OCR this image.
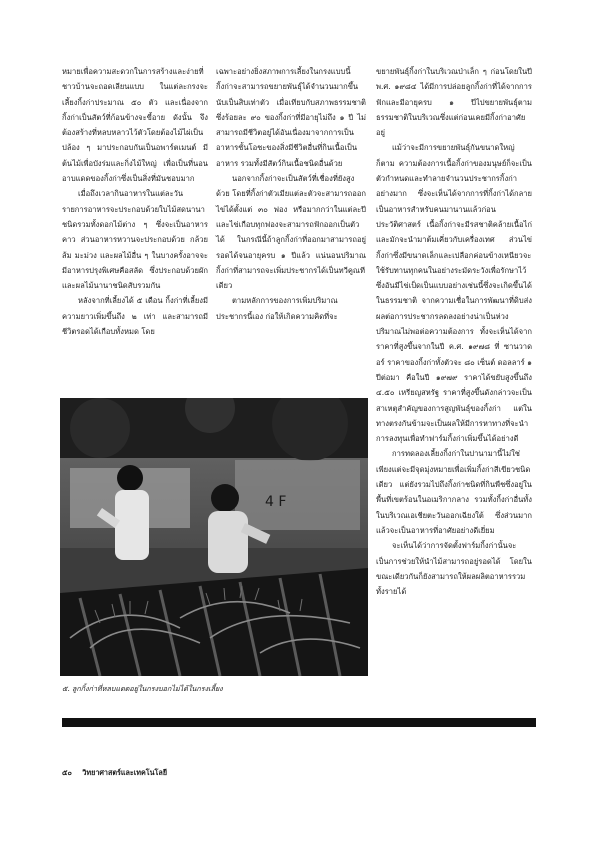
หมายเพื่อความสะดวกในการสร้างและง่ายที่ชาวบ้านจะถอดเลียนแบบ ในแต่ละกรงจะเลี้ยงกิ้งก่าประมาณ ๕๐ ตัว และเนื่องจากกิ้งก่าเป็นสัตว์ที่ก้อนข้างจะขี้อาย ดังนั้น จึงต้องสร้างที่หลบหลาวไว้ตัวโดยต้องไม้ไผ่เป็นปล้อง ๆ มาประกอบกันเป็นอพาร์ตเมนต์ มีต้นไม้เพื่อบังร่มและกิ่งไม้ใหญ่ เพื่อเป็นที่นอนอาบแดดของกิ้งก่าซึ่งเป็นสิ่งที่มันชอบมาก

เมื่อถึงเวลากินอาหารในแต่ละวันรายการอาหารจะประกอบด้วยใบไม้สดนานาชนิดรวมทั้งดอกไม้ต่าง ๆ ซึ่งจะเป็นอาหารคาว ส่วนอาหารหวานจะประกอบด้วย กล้วย ส้ม มะม่วง และผลไม้อื่น ๆ ในบางครั้งอาจจะมีอาหารปรุงพิเศษคือสลัด ซึ่งประกอบด้วยผักและผลไม้นานาชนิดสับรวมกัน

หลังจากที่เลี้ยงได้ ๕ เดือน กิ้งก่าที่เลี้ยงมีความยาวเพิ่มขึ้นถึง ๒ เท่า และสามารถมีชีวิตรอดได้เกือบทั้งหมด โดย

เฉพาะอย่างยิ่งสภาพการเลี้ยงในกรงแบบนี้กิ้งก่าจะสามารถขยายพันธุ์ได้จำนวนมากขึ้นนับเป็นสิบเท่าตัว เมื่อเทียบกับสภาพธรรมชาติซึ่งร้อยละ ๙๐ ของกิ้งก่าที่มีอายุไม่ถึง ๑ ปี ไม่สามารถมีชีวิตอยู่ได้อันเนื่องมาจากการเป็นอาหารชั้นโอชะของสิ่งมีชีวิตอื่นที่กินเนื้อเป็นอาหาร รวมทั้งมีสัตว์กินเนื้อชนิดอื่นด้วย

นอกจากกิ้งก่าจะเป็นสัตว์ที่เชื่องที่ยังสูงด้วย โดยที่กิ้งก่าตัวเมียแต่ละตัวจะสามารถออกไข่ได้ตั้งแต่ ๓๐ ฟอง หรือมากกว่าในแต่ละปี และไข่เกือบทุกฟองจะสามารถฟักออกเป็นตัวได้ ในกรณีนี้ถ้าลูกกิ้งก่าที่ออกมาสามารถอยู่รอดได้จนอายุครบ ๑ ปีแล้ว แน่นอนปริมาณกิ้งก่าที่สามารถจะเพิ่มประชากรได้เป็นทวีคูณทีเดียว

ตามหลักการของการเพิ่มปริมาณประชากรนี้เอง ก่อให้เกิดความคิดที่จะ

ขยายพันธุ์กิ้งก่าในบริเวณป่าเล็ก ๆ ก่อนโดยในปี พ.ศ. ๑๙๘๔ ได้มีการปล่อยลูกกิ้งก่าที่ได้จากการฟักและมีอายุครบ ๑ ปีไปขยายพันธุ์ตามธรรมชาติในบริเวณซึ่งแต่ก่อนเคยมีกิ้งก่าอาศัยอยู่

แม้ว่าจะมีการขยายพันธุ์กันขนาดใหญ่ก็ตาม ความต้องการเนื้อกิ้งก่าของมนุษย์ก็จะเป็นตัวกำหนดและทำลายจำนวนประชากรกิ้งก่าอย่างมาก ซึ่งจะเห็นได้จากการที่กิ้งก่าได้กลายเป็นอาหารสำหรับคนมานานแล้วก่อนประวัติศาสตร์ เนื้อกิ้งก่าจะมีรสชาติคล้ายเนื้อไก่ และมักจะนำมาต้มเคี่ยวกับเครื่องเทศ ส่วนไข่กิ้งก่าซึ่งมีขนาดเล็กและเปลือกค่อนข้างเหนียวจะใช้รับทานทุกคนในอย่างระมัดระวังเพื่อรักษาไว้ ซึ่งอันมีไข่เป็ดเป็นแบบอย่างเช่นนี้ซึ่งจะเกิดขึ้นได้ในธรรมชาติ จากความเชื่อในการพัฒนาที่ดิบส่งผลต่อการประชากรลดลงอย่างน่าเป็นห่วง ปริมาณไม่พอต่อความต้องการ ทั้งจะเห็นได้จากราคาที่สูงขึ้นจากในปี ค.ศ. ๑๙๗๘ ที่ ซานวาดอร์ ราคาของกิ้งก่าทั้งตัวจะ ๘๐ เซ็นต์ ดอลลาร์ ๑ ปีต่อมา คือในปี ๑๙๗๙ ราคาได้ขยับสูงขึ้นถึง ๔.๕๐ เหรียญสหรัฐ ราคาที่สูงขึ้นดังกล่าวจะเป็นสาเหตุสำคัญของการสูญพันธุ์ของกิ้งก่า แต่ในทางตรงกันข้ามจะเป็นผลให้มีการหาทางที่จะนำการลงทุนเพื่อทำฟาร์มกิ้งก่าเพิ่มขึ้นได้อย่างดี

การทดลองเลี้ยงกิ้งก่าในปานามานี้ไม่ใช่เพียงแต่จะมีจุดมุ่งหมายเพื่อเพิ่มกิ้งก่าสีเขียวชนิดเดียว แต่ยังรวมไปถึงกิ้งก่าชนิดที่กินพืชซึ่งอยู่ในพื้นที่เขตร้อนในอเมริกากลาง รวมทั้งกิ้งก่าอื่นทั้งในบริเวณเอเชียตะวันออกเฉียงใต้ ซึ่งส่วนมากแล้วจะเป็นอาหารที่อาศัยอย่างดีเยี่ยม

จะเห็นได้ว่าการจัดตั้งฟาร์มกิ้งก่านั้นจะเป็นการช่วยให้นำไม้สามารถอยู่รอดได้ โดยในขณะเดียวกันก็ยังสามารถให้ผลผลิตอาหารรวมทั้งรายได้

4 F
๕. ลูกกิ้งก่าที่หลบแดดอยู่ในกรงบอกไม่ได้ในกรงเลี้ยง
๕๐ วิทยาศาสตร์และเทคโนโลยี
